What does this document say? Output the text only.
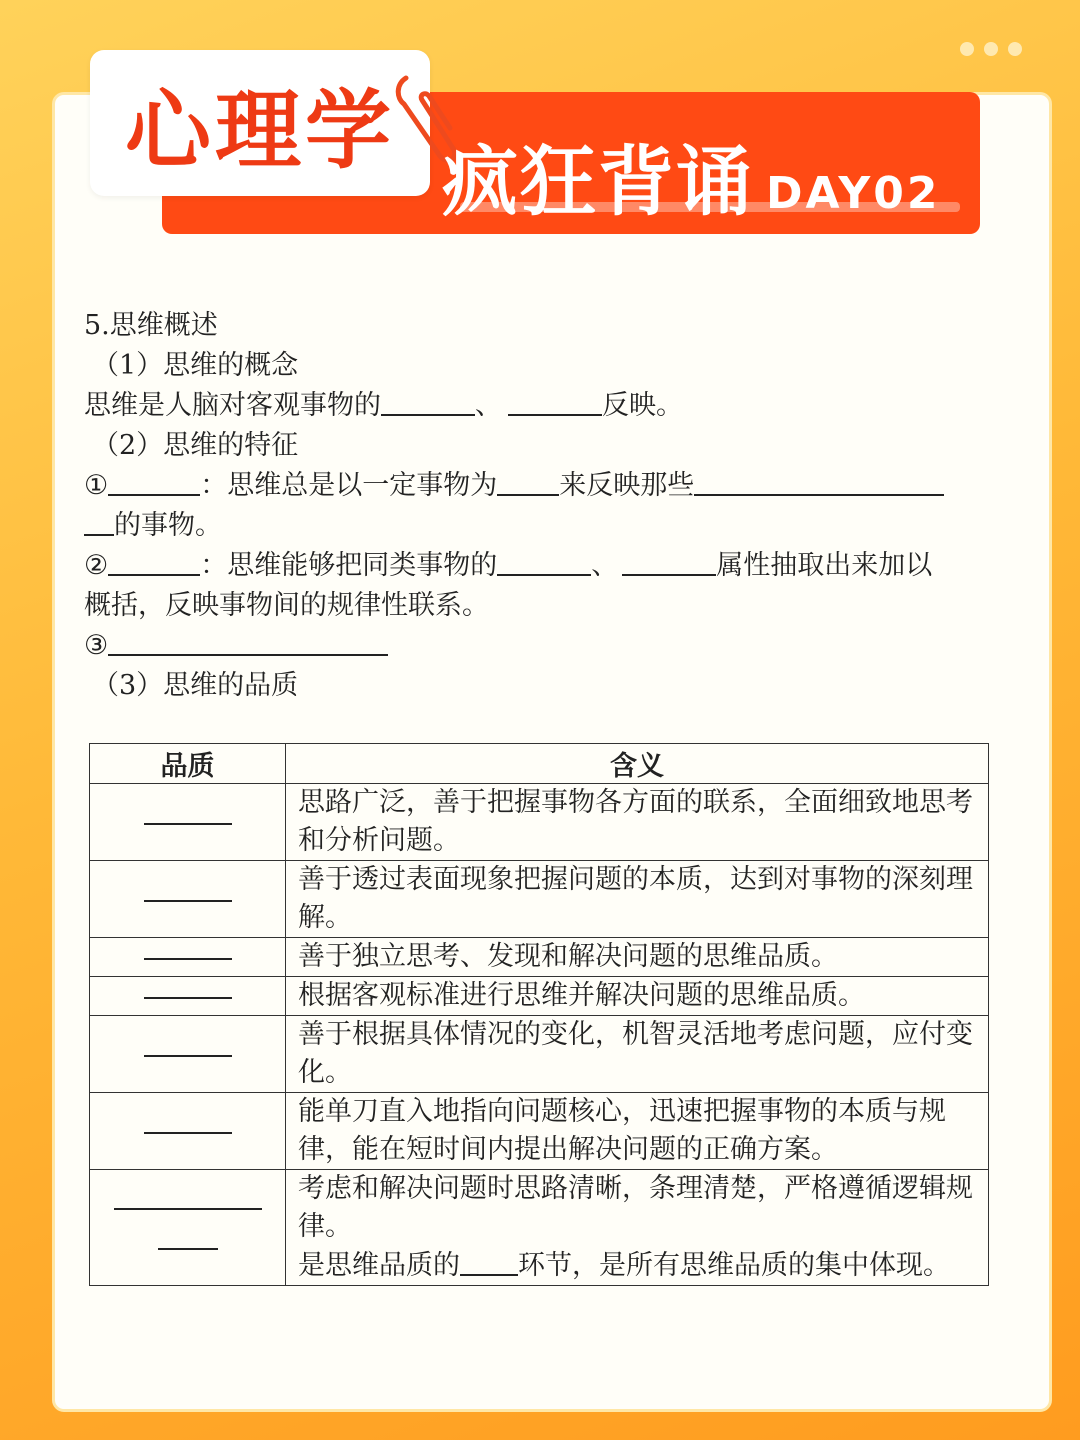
心理学
疯狂背诵 DAY02
5.思维概述
（1）思维的概念
思维是人脑对客观事物的	、	反映。
（2）思维的特征
①	：思维总是以一定事物为 来反映那些
的事物。
②	：思维能够把同类事物的	、	属性抽取出来加以
概括，反映事物间的规律性联系。
③
（3）思维的品质
品质	含义
	思路广泛，善于把握事物各方面的联系，全面细致地思考和分析问题。
	善于透过表面现象把握问题的本质，达到对事物的深刻理解。
	善于独立思考、发现和解决问题的思维品质。
	根据客观标准进行思维并解决问题的思维品质。
	善于根据具体情况的变化，机智灵活地考虑问题，应付变化。
	能单刀直入地指向问题核心，迅速把握事物的本质与规律，能在短时间内提出解决问题的正确方案。

	考虑和解决问题时思路清晰，条理清楚，严格遵循逻辑规律。
是思维品质的 环节，是所有思维品质的集中体现。
